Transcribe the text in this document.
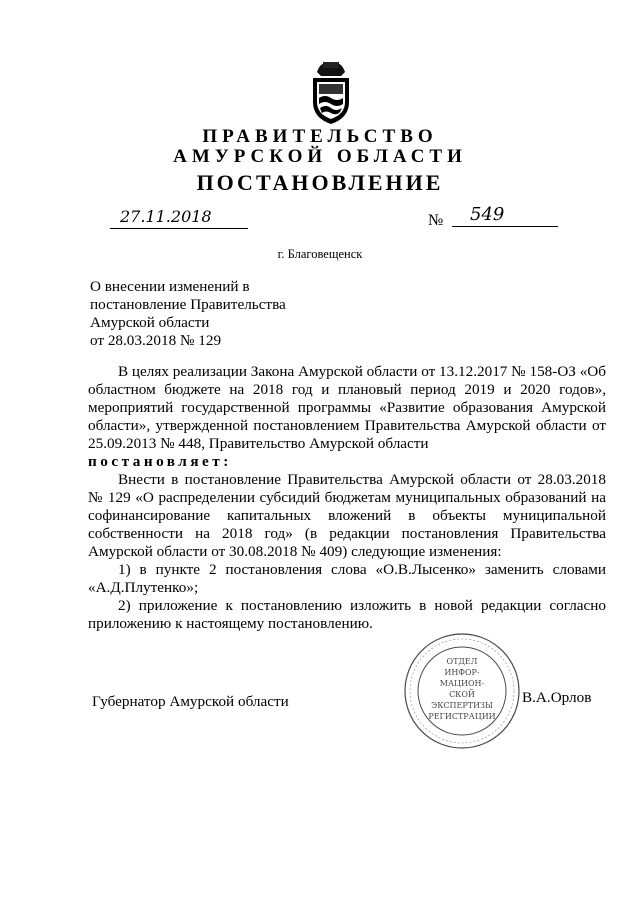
ПРАВИТЕЛЬСТВО
АМУРСКОЙ ОБЛАСТИ
ПОСТАНОВЛЕНИЕ
27.11.2018	№ 549
г. Благовещенск
О внесении изменений в
постановление Правительства
Амурской области
от 28.03.2018 № 129

В целях реализации Закона Амурской области от 13.12.2017 № 158-ОЗ «Об областном бюджете на 2018 год и плановый период 2019 и 2020 годов», мероприятий государственной программы «Развитие образования Амурской области», утвержденной постановлением Правительства Амурской области от 25.09.2013 № 448, Правительство Амурской области

постановляет:

Внести в постановление Правительства Амурской области от 28.03.2018 № 129 «О распределении субсидий бюджетам муниципальных образований на софинансирование капитальных вложений в объекты муниципальной собственности на 2018 год» (в редакции постановления Правительства Амурской области от 30.08.2018 № 409) следующие изменения:

1) в пункте 2 постановления слова «О.В.Лысенко» заменить словами «А.Д.Плутенко»;

2) приложение к постановлению изложить в новой редакции согласно приложению к настоящему постановлению.

ОТДЕЛ
ИНФОР-
МАЦИОН-
СКОЙ
ЭКСПЕРТИЗЫ
РЕГИСТРАЦИИ
Губернатор Амурской области	В.А.Орлов
